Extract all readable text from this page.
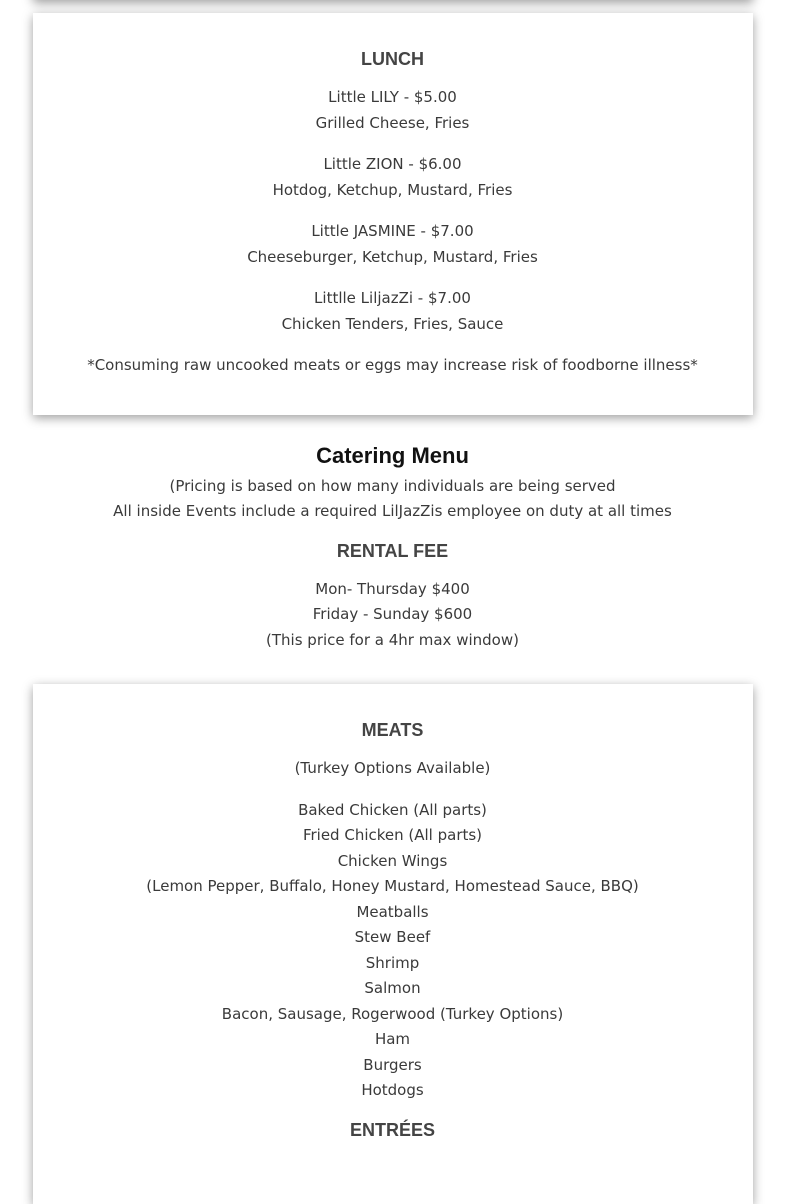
LUNCH
Little LILY - $5.00
Grilled Cheese, Fries
Little ZION - $6.00
Hotdog, Ketchup, Mustard, Fries
Little JASMINE - $7.00
Cheeseburger, Ketchup, Mustard, Fries
Littlle LiljazZi - $7.00
Chicken Tenders, Fries, Sauce
*Consuming raw uncooked meats or eggs may increase risk of foodborne illness*
Catering Menu
(Pricing is based on how many individuals are being served
All inside Events include a required LilJazZis employee on duty at all times
RENTAL FEE
Mon- Thursday $400
Friday - Sunday $600
(This price for a 4hr max window)
MEATS
(Turkey Options Available)
Baked Chicken (All parts)
Fried Chicken (All parts)
Chicken Wings
(Lemon Pepper, Buffalo, Honey Mustard, Homestead Sauce, BBQ)
Meatballs
Stew Beef
Shrimp
Salmon
Bacon, Sausage, Rogerwood (Turkey Options)
Ham
Burgers
Hotdogs
ENTRÉES
